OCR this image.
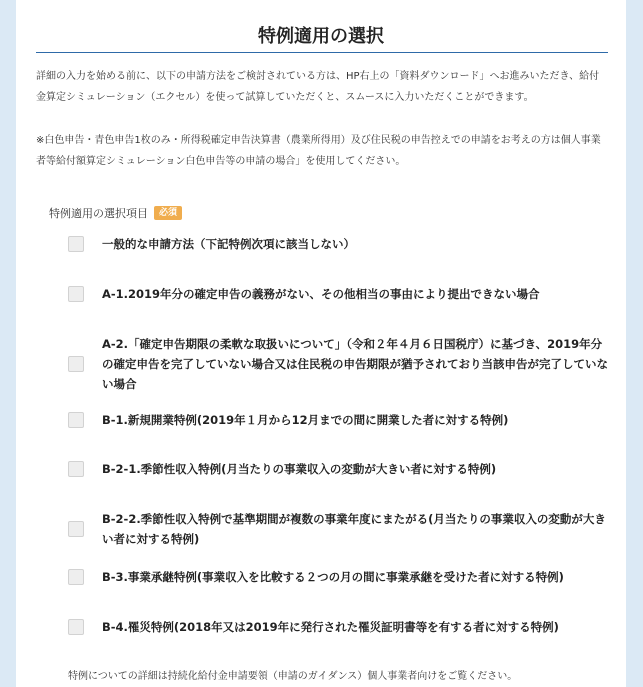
特例適用の選択

詳細の入力を始める前に、以下の申請方法をご検討されている方は、HP右上の「資料ダウンロード」へお進みいただき、給付金算定シミュレーション（エクセル）を使って試算していただくと、スムースに入力いただくことができます。

※白色申告・青色申告1枚のみ・所得税確定申告決算書（農業所得用）及び住民税の申告控えでの申請をお考えの方は個人事業者等給付額算定シミュレーション白色申告等の申請の場合」を使用してください。

特例適用の選択項目	必須
一般的な申請方法（下記特例次項に該当しない）
A-1.2019年分の確定申告の義務がない、その他相当の事由により提出できない場合
A-2.「確定申告期限の柔軟な取扱いについて」（令和２年４月６日国税庁）に基づき、2019年分の確定申告を完了していない場合又は住民税の申告期限が猶予されており当該申告が完了していない場合
B-1.新規開業特例(2019年１月から12月までの間に開業した者に対する特例)
B-2-1.季節性収入特例(月当たりの事業収入の変動が大きい者に対する特例)
B-2-2.季節性収入特例で基準期間が複数の事業年度にまたがる(月当たりの事業収入の変動が大きい者に対する特例)
B-3.事業承継特例(事業収入を比較する２つの月の間に事業承継を受けた者に対する特例)
B-4.罹災特例(2018年又は2019年に発行された罹災証明書等を有する者に対する特例)
特例についての詳細は持続化給付金申請要領（申請のガイダンス）個人事業者向けをご覧ください。
